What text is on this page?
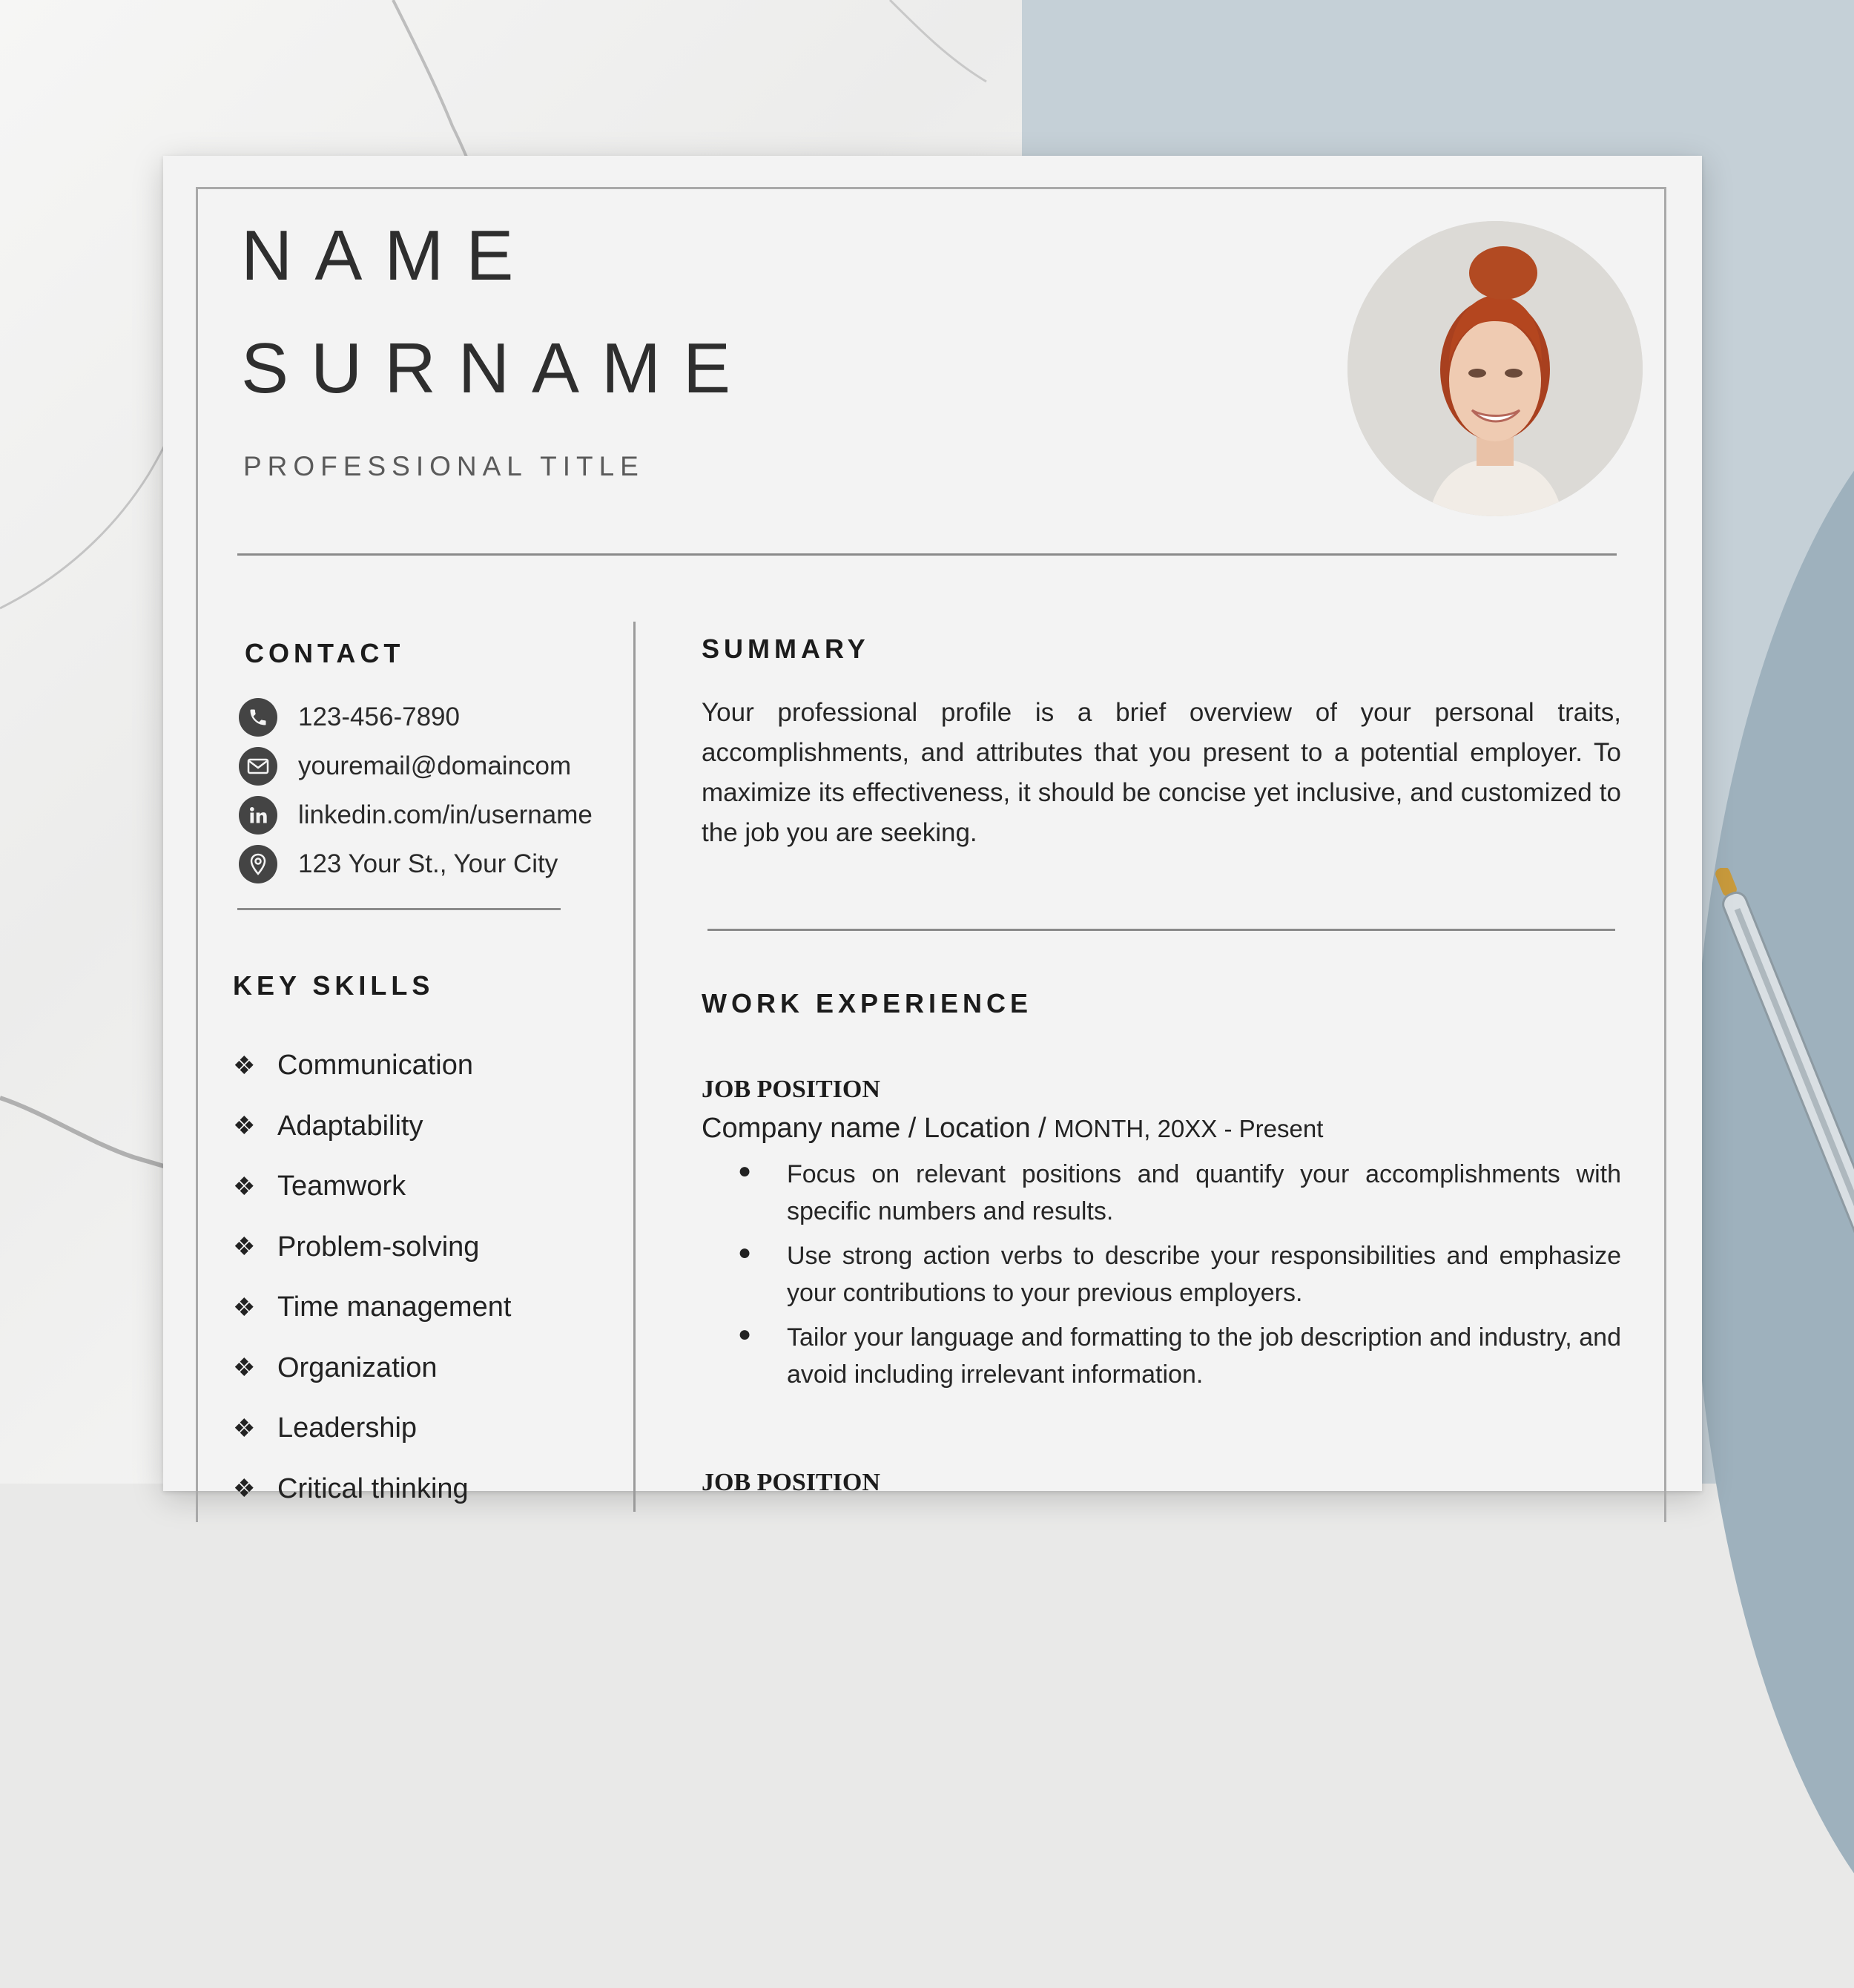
NAME
SURNAME
PROFESSIONAL TITLE
CONTACT
123-456-7890
youremail@domaincom
linkedin.com/in/username
123 Your St., Your City
KEY SKILLS
❖ Communication
❖ Adaptability
❖ Teamwork
❖ Problem-solving
❖ Time management
❖ Organization
❖ Leadership
❖ Critical thinking
SUMMARY
Your professional profile is a brief overview of your personal traits, accomplishments, and attributes that you present to a potential employer. To maximize its effectiveness, it should be concise yet inclusive, and customized to the job you are seeking.
WORK EXPERIENCE
JOB POSITION
Company name / Location / MONTH, 20XX - Present
●	Focus on relevant positions and quantify your accomplishments with specific numbers and results.
●	Use strong action verbs to describe your responsibilities and emphasize your contributions to your previous employers.
●	Tailor your language and formatting to the job description and industry, and avoid including irrelevant information.
JOB POSITION
